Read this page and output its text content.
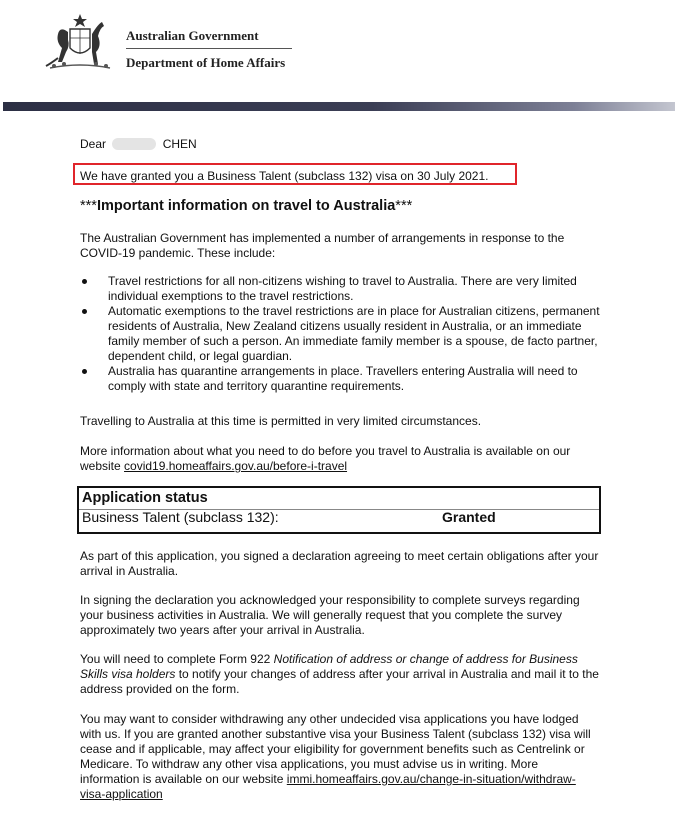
Australian Government
Department of Home Affairs
Dear	CHEN
We have granted you a Business Talent (subclass 132) visa on 30 July 2021.
***Important information on travel to Australia***
The Australian Government has implemented a number of arrangements in response to the COVID-19 pandemic. These include:
Travel restrictions for all non-citizens wishing to travel to Australia. There are very limited individual exemptions to the travel restrictions.
Automatic exemptions to the travel restrictions are in place for Australian citizens, permanent residents of Australia, New Zealand citizens usually resident in Australia, or an immediate family member of such a person. An immediate family member is a spouse, de facto partner, dependent child, or legal guardian.
Australia has quarantine arrangements in place. Travellers entering Australia will need to comply with state and territory quarantine requirements.
Travelling to Australia at this time is permitted in very limited circumstances.
More information about what you need to do before you travel to Australia is available on our website covid19.homeaffairs.gov.au/before-i-travel
Application status
Business Talent (subclass 132):	Granted
As part of this application, you signed a declaration agreeing to meet certain obligations after your arrival in Australia.
In signing the declaration you acknowledged your responsibility to complete surveys regarding your business activities in Australia. We will generally request that you complete the survey approximately two years after your arrival in Australia.
You will need to complete Form 922 Notification of address or change of address for Business Skills visa holders to notify your changes of address after your arrival in Australia and mail it to the address provided on the form.
You may want to consider withdrawing any other undecided visa applications you have lodged with us. If you are granted another substantive visa your Business Talent (subclass 132) visa will cease and if applicable, may affect your eligibility for government benefits such as Centrelink or Medicare. To withdraw any other visa applications, you must advise us in writing. More information is available on our website immi.homeaffairs.gov.au/change-in-situation/withdraw-visa-application
